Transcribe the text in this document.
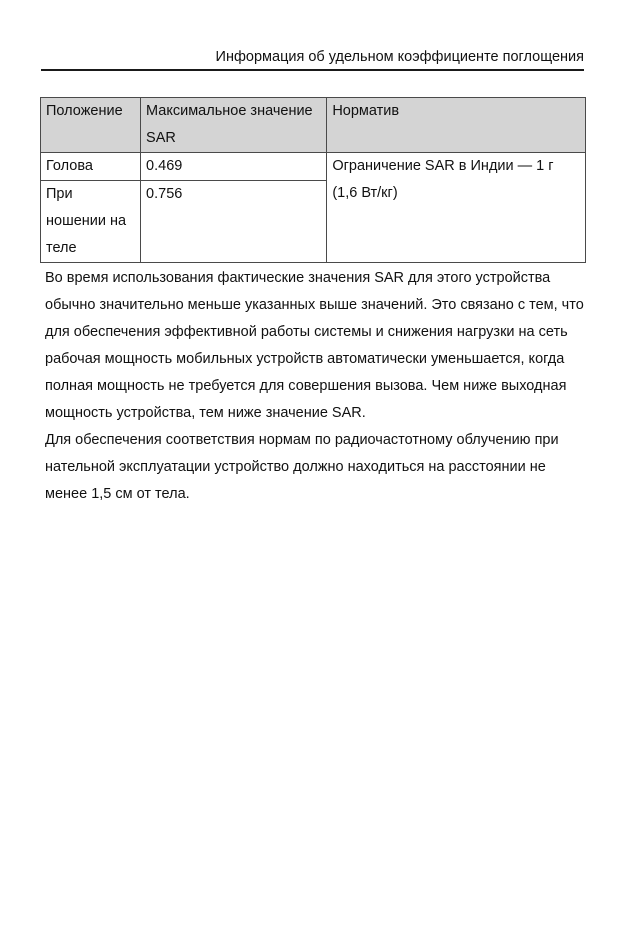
Информация об удельном коэффициенте поглощения
Положение	Максимальное значение SAR	Норматив
Голова	0.469	Ограничение SAR в Индии — 1 г (1,6 Вт/кг)
При ношении на теле	0.756	

Во время использования фактические значения SAR для этого устройства обычно значительно меньше указанных выше значений. Это связано с тем, что для обеспечения эффективной работы системы и снижения нагрузки на сеть рабочая мощность мобильных устройств автоматически уменьшается, когда полная мощность не требуется для совершения вызова. Чем ниже выходная мощность устройства, тем ниже значение SAR.

Для обеспечения соответствия нормам по радиочастотному облучению при нательной эксплуатации устройство должно находиться на расстоянии не менее 1,5 см от тела.
